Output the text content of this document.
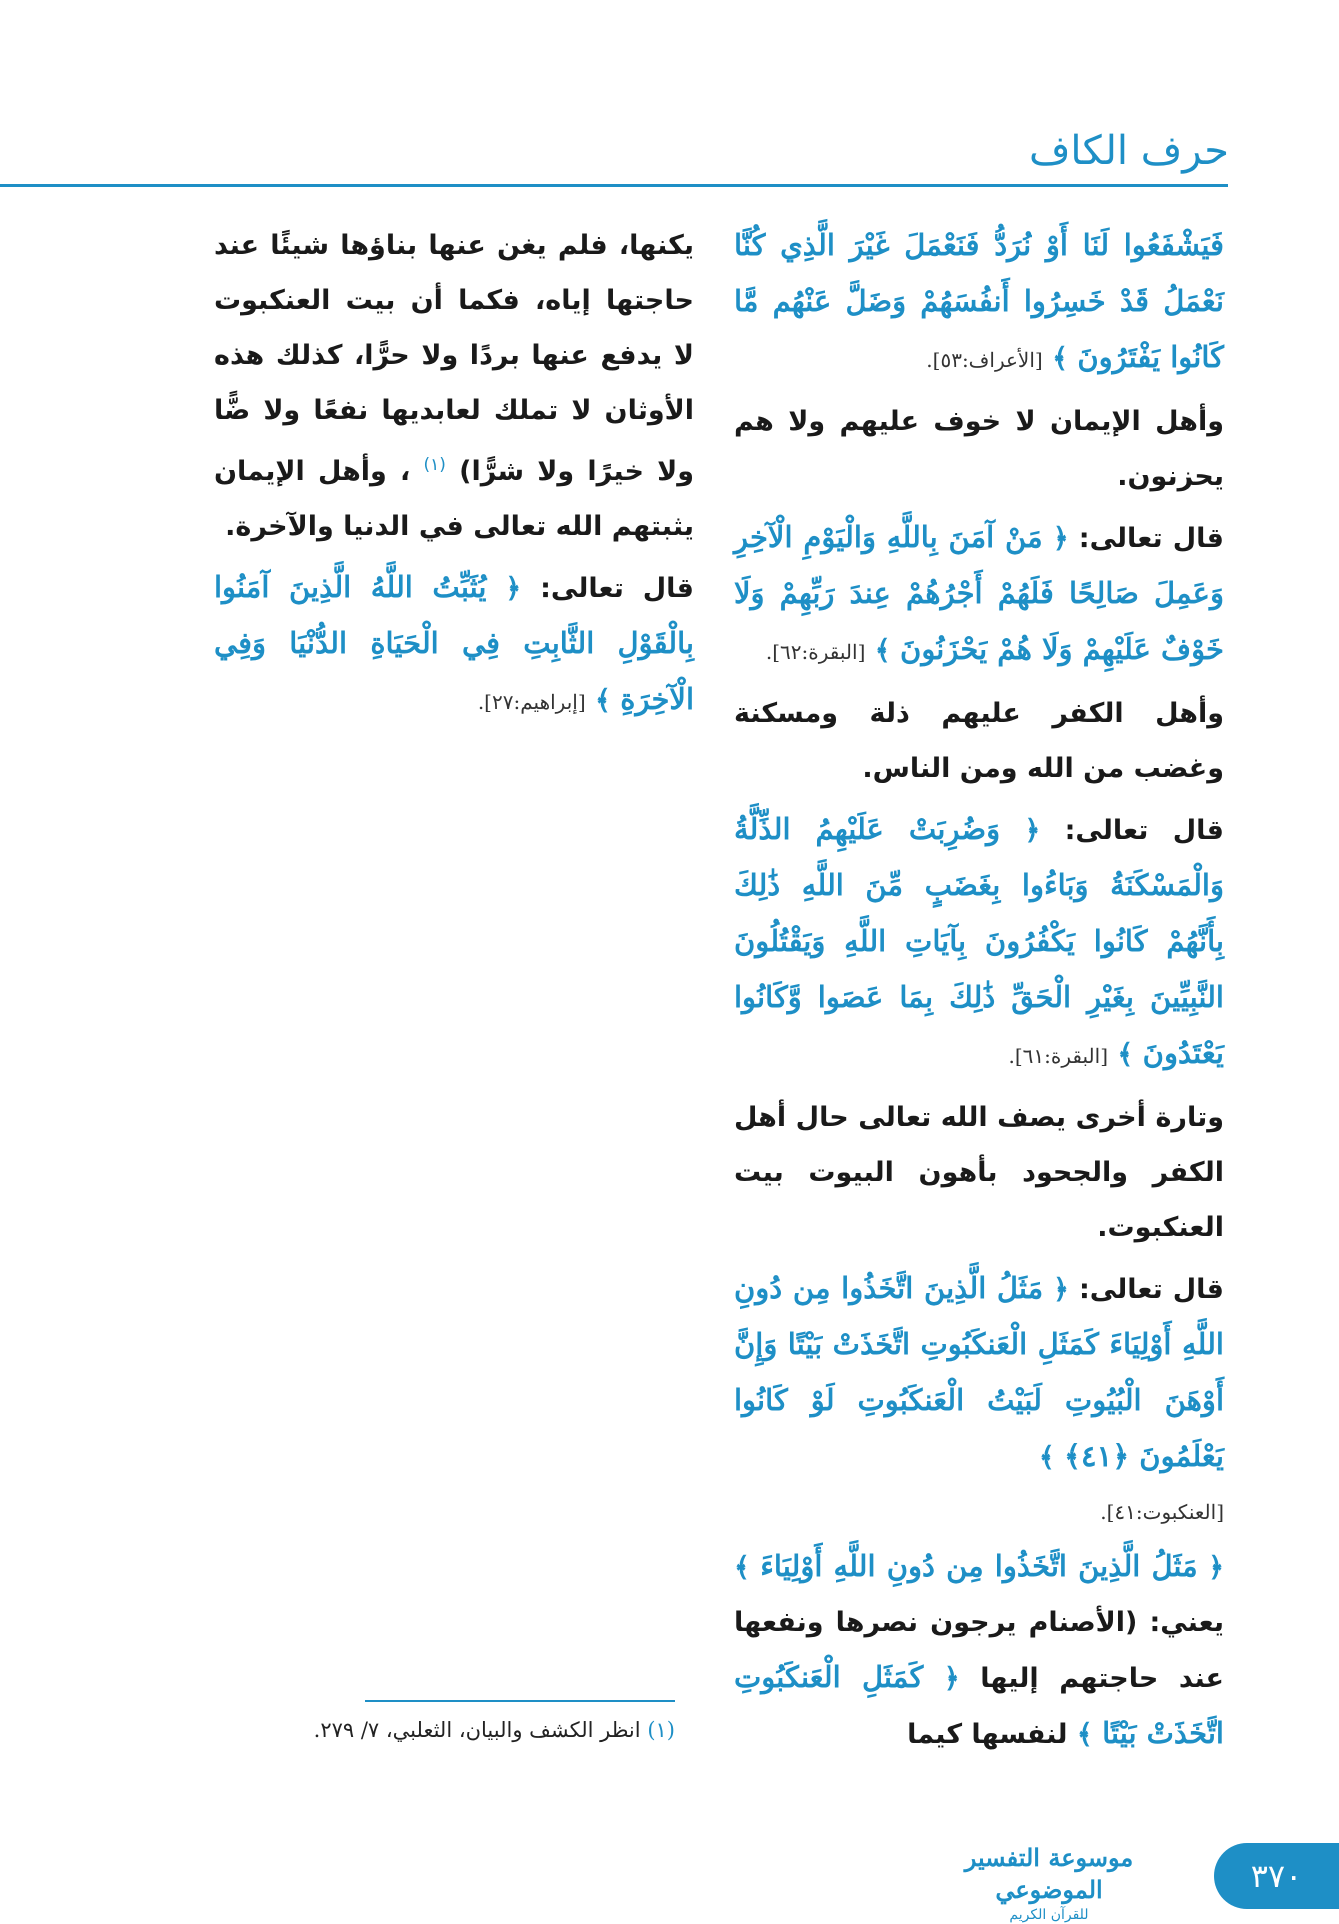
حرف الكاف

فَيَشْفَعُوا لَنَا أَوْ نُرَدُّ فَنَعْمَلَ غَيْرَ الَّذِي كُنَّا نَعْمَلُ قَدْ خَسِرُوا أَنفُسَهُمْ وَضَلَّ عَنْهُم مَّا كَانُوا يَفْتَرُونَ ﴾ [الأعراف:٥٣].

وأهل الإيمان لا خوف عليهم ولا هم يحزنون.

قال تعالى: ﴿ مَنْ آمَنَ بِاللَّهِ وَالْيَوْمِ الْآخِرِ وَعَمِلَ صَالِحًا فَلَهُمْ أَجْرُهُمْ عِندَ رَبِّهِمْ وَلَا خَوْفٌ عَلَيْهِمْ وَلَا هُمْ يَحْزَنُونَ ﴾ [البقرة:٦٢].

وأهل الكفر عليهم ذلة ومسكنة وغضب من الله ومن الناس.

قال تعالى: ﴿ وَضُرِبَتْ عَلَيْهِمُ الذِّلَّةُ وَالْمَسْكَنَةُ وَبَاءُوا بِغَضَبٍ مِّنَ اللَّهِ ذَٰلِكَ بِأَنَّهُمْ كَانُوا يَكْفُرُونَ بِآيَاتِ اللَّهِ وَيَقْتُلُونَ النَّبِيِّينَ بِغَيْرِ الْحَقِّ ذَٰلِكَ بِمَا عَصَوا وَّكَانُوا يَعْتَدُونَ ﴾ [البقرة:٦١].

وتارة أخرى يصف الله تعالى حال أهل الكفر والجحود بأهون البيوت بيت العنكبوت.

قال تعالى: ﴿ مَثَلُ الَّذِينَ اتَّخَذُوا مِن دُونِ اللَّهِ أَوْلِيَاءَ كَمَثَلِ الْعَنكَبُوتِ اتَّخَذَتْ بَيْتًا وَإِنَّ أَوْهَنَ الْبُيُوتِ لَبَيْتُ الْعَنكَبُوتِ لَوْ كَانُوا يَعْلَمُونَ ﴿٤١﴾ ﴾

[العنكبوت:٤١].

﴿ مَثَلُ الَّذِينَ اتَّخَذُوا مِن دُونِ اللَّهِ أَوْلِيَاءَ ﴾ يعني: (الأصنام يرجون نصرها ونفعها عند حاجتهم إليها ﴿ كَمَثَلِ الْعَنكَبُوتِ اتَّخَذَتْ بَيْتًا ﴾ لنفسها كيما

يكنها، فلم يغن عنها بناؤها شيئًا عند حاجتها إياه، فكما أن بيت العنكبوت لا يدفع عنها بردًا ولا حرًّا، كذلك هذه الأوثان لا تملك لعابديها نفعًا ولا ضًّا ولا خيرًا ولا شرًّا) $^{(١)}$ ، وأهل الإيمان يثبتهم الله تعالى في الدنيا والآخرة.

قال تعالى: ﴿ يُثَبِّتُ اللَّهُ الَّذِينَ آمَنُوا بِالْقَوْلِ الثَّابِتِ فِي الْحَيَاةِ الدُّنْيَا وَفِي الْآخِرَةِ ﴾ [إبراهيم:٢٧].

(١) انظر الكشف والبيان، الثعلبي، ٧/ ٢٧٩.
موسوعة التفسير الموضوعي
للقرآن الكريم
٣٧٠
